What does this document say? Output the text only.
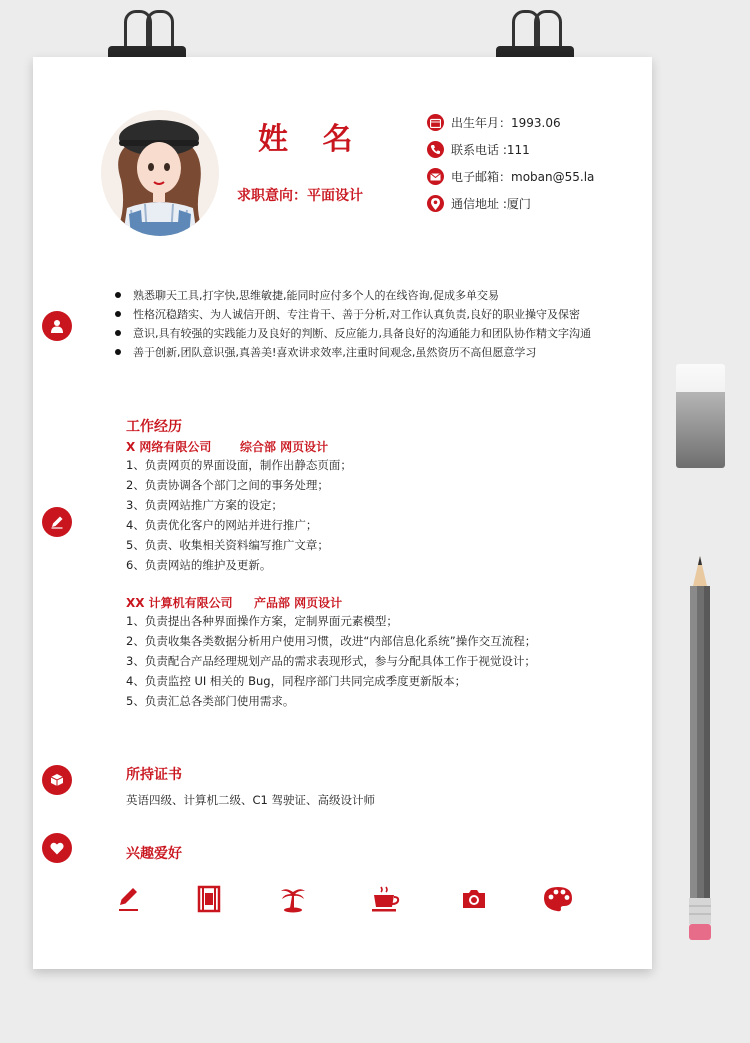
姓 名
求职意向：平面设计
出生年月：1993.06
联系电话 :111
电子邮箱：moban@55.la
通信地址 :厦门
熟悉聊天工具,打字快,思维敏捷,能同时应付多个人的在线咨询,促成多单交易
性格沉稳踏实、为人诚信开朗、专注肯干、善于分析,对工作认真负责,良好的职业操守及保密
意识,具有较强的实践能力及良好的判断、反应能力,具备良好的沟通能力和团队协作精文字沟通
善于创新,团队意识强,真善美!喜欢讲求效率,注重时间观念,虽然资历不高但愿意学习
工作经历
X 网络有限公司 综合部 网页设计
1、负责网页的界面设面，制作出静态页面；
2、负责协调各个部门之间的事务处理；
3、负责网站推广方案的设定；
4、负责优化客户的网站并进行推广；
5、负责、收集相关资料编写推广文章；
6、负责网站的维护及更新。
XX 计算机有限公司 产品部 网页设计
1、负责提出各种界面操作方案，定制界面元素模型；
2、负责收集各类数据分析用户使用习惯，改进“内部信息化系统”操作交互流程；
3、负责配合产品经理规划产品的需求表现形式，参与分配具体工作于视觉设计；
4、负责监控 UI 相关的 Bug，同程序部门共同完成季度更新版本；
5、负责汇总各类部门使用需求。
所持证书
英语四级、计算机二级、C1 驾驶证、高级设计师
兴趣爱好
